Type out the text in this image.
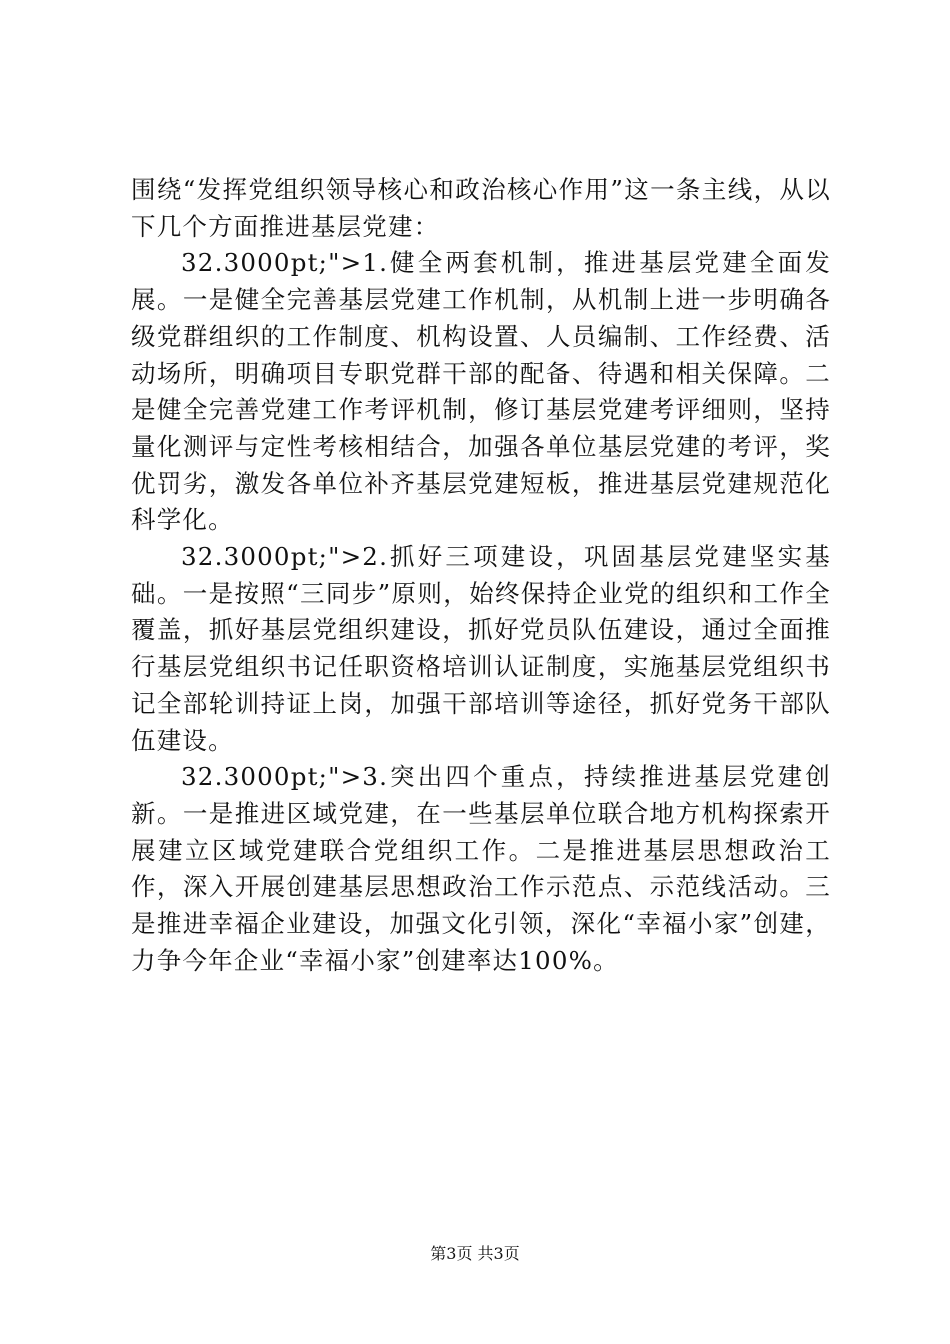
围绕“发挥党组织领导核心和政治核心作用”这一条主线，从以下几个方面推进基层党建：

32.3000pt;">1.健全两套机制，推进基层党建全面发展。一是健全完善基层党建工作机制，从机制上进一步明确各级党群组织的工作制度、机构设置、人员编制、工作经费、活动场所，明确项目专职党群干部的配备、待遇和相关保障。二是健全完善党建工作考评机制，修订基层党建考评细则，坚持量化测评与定性考核相结合，加强各单位基层党建的考评，奖优罚劣，激发各单位补齐基层党建短板，推进基层党建规范化科学化。

32.3000pt;">2.抓好三项建设，巩固基层党建坚实基础。一是按照“三同步”原则，始终保持企业党的组织和工作全覆盖，抓好基层党组织建设，抓好党员队伍建设，通过全面推行基层党组织书记任职资格培训认证制度，实施基层党组织书记全部轮训持证上岗，加强干部培训等途径，抓好党务干部队伍建设。

32.3000pt;">3.突出四个重点，持续推进基层党建创新。一是推进区域党建，在一些基层单位联合地方机构探索开展建立区域党建联合党组织工作。二是推进基层思想政治工作，深入开展创建基层思想政治工作示范点、示范线活动。三是推进幸福企业建设，加强文化引领，深化“幸福小家”创建，力争今年企业“幸福小家”创建率达100%。

第3页 共3页
